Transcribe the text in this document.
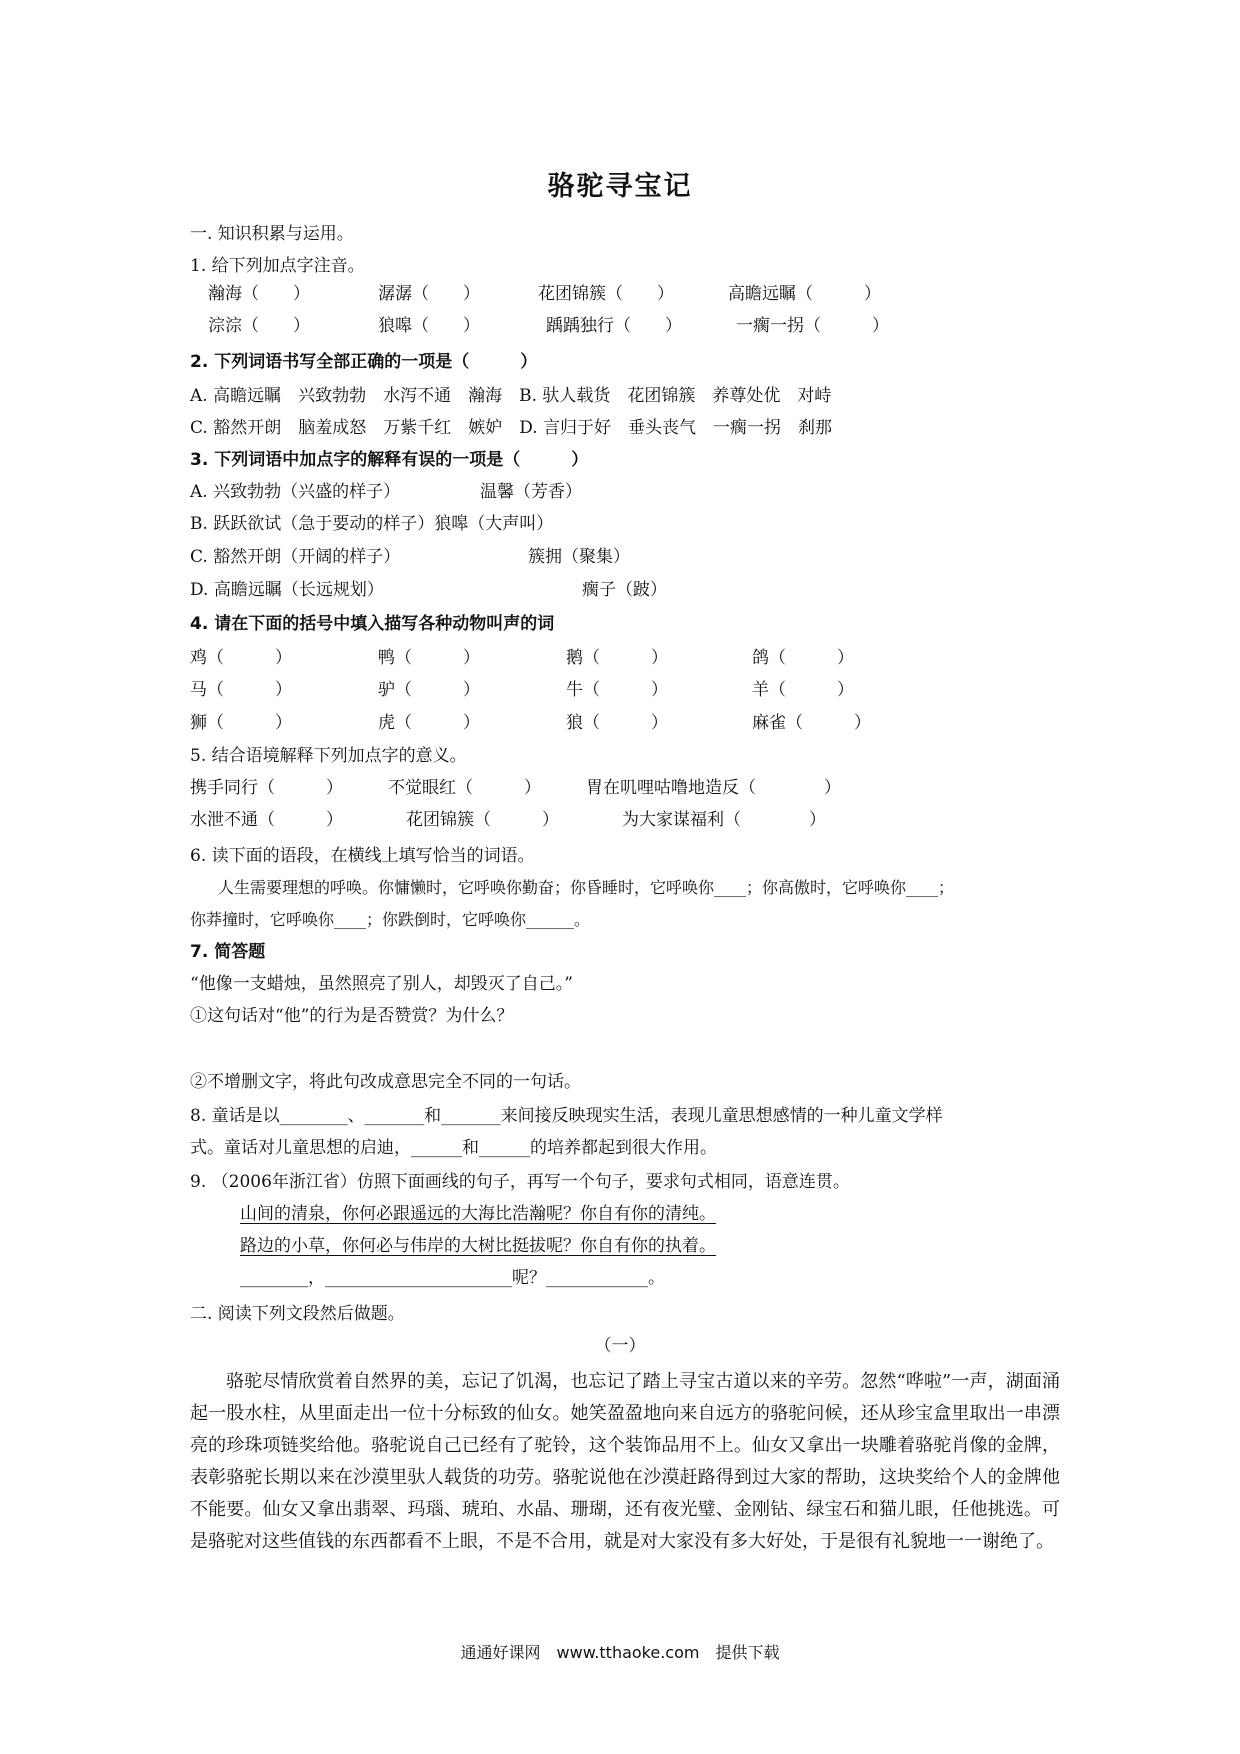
骆驼寻宝记
一. 知识积累与运用。
1. 给下列加点字注音。
瀚海（　　）	潺潺（　　）	花团锦簇（　　）	高瞻远瞩（　　　）
淙淙（　　）	狼嗥（　　）	踽踽独行（　　）	一瘸一拐（　　　）
2. 下列词语书写全部正确的一项是（　　　）
A. 高瞻远瞩　兴致勃勃　水泻不通　瀚海　B. 驮人载货　花团锦簇　养尊处优　对峙
C. 豁然开朗　脑羞成怒　万紫千红　嫉妒　D. 言归于好　垂头丧气　一瘸一拐　刹那
3. 下列词语中加点字的解释有误的一项是（　　　）
A. 兴致勃勃（兴盛的样子）	温馨（芳香）
B. 跃跃欲试（急于要动的样子）狼嗥（大声叫）
C. 豁然开朗（开阔的样子）	簇拥（聚集）
D. 高瞻远瞩（长远规划）	瘸子（跛）
4. 请在下面的括号中填入描写各种动物叫声的词
鸡（　　　）	鸭（　　　）	鹅（　　　）	鸽（　　　）
马（　　　）	驴（　　　）	牛（　　　）	羊（　　　）
狮（　　　）	虎（　　　）	狼（　　　）	麻雀（　　　）
5. 结合语境解释下列加点字的意义。
携手同行（　　　）	不觉眼红（　　　）	胃在叽哩咕噜地造反（　　　　）
水泄不通（　　　）	花团锦簇（　　　）	为大家谋福利（　　　　）
6. 读下面的语段，在横线上填写恰当的词语。
人生需要理想的呼唤。你慵懒时，它呼唤你勤奋；你昏睡时，它呼唤你____；你高傲时，它呼唤你____；
你莽撞时，它呼唤你____；你跌倒时，它呼唤你______。
7. 简答题
“他像一支蜡烛，虽然照亮了别人，却毁灭了自己。”
①这句话对“他”的行为是否赞赏？为什么？
②不增删文字，将此句改成意思完全不同的一句话。
8. 童话是以________、_______和_______来间接反映现实生活，表现儿童思想感情的一种儿童文学样
式。童话对儿童思想的启迪，______和______的培养都起到很大作用。
9. （2006年浙江省）仿照下面画线的句子，再写一个句子，要求句式相同，语意连贯。
山间的清泉，你何必跟遥远的大海比浩瀚呢？你自有你的清纯。
路边的小草，你何必与伟岸的大树比挺拔呢？你自有你的执着。
________，______________________呢？____________。
二. 阅读下列文段然后做题。
（一）
骆驼尽情欣赏着自然界的美，忘记了饥渴，也忘记了踏上寻宝古道以来的辛劳。忽然“哗啦”一声，湖面涌起一股水柱，从里面走出一位十分标致的仙女。她笑盈盈地向来自远方的骆驼问候，还从珍宝盒里取出一串漂亮的珍珠项链奖给他。骆驼说自己已经有了驼铃，这个装饰品用不上。仙女又拿出一块雕着骆驼肖像的金牌，表彰骆驼长期以来在沙漠里驮人载货的功劳。骆驼说他在沙漠赶路得到过大家的帮助，这块奖给个人的金牌他不能要。仙女又拿出翡翠、玛瑙、琥珀、水晶、珊瑚，还有夜光璧、金刚钻、绿宝石和猫儿眼，任他挑选。可是骆驼对这些值钱的东西都看不上眼，不是不合用，就是对大家没有多大好处，于是很有礼貌地一一谢绝了。
通通好课网　www.tthaoke.com　提供下载
